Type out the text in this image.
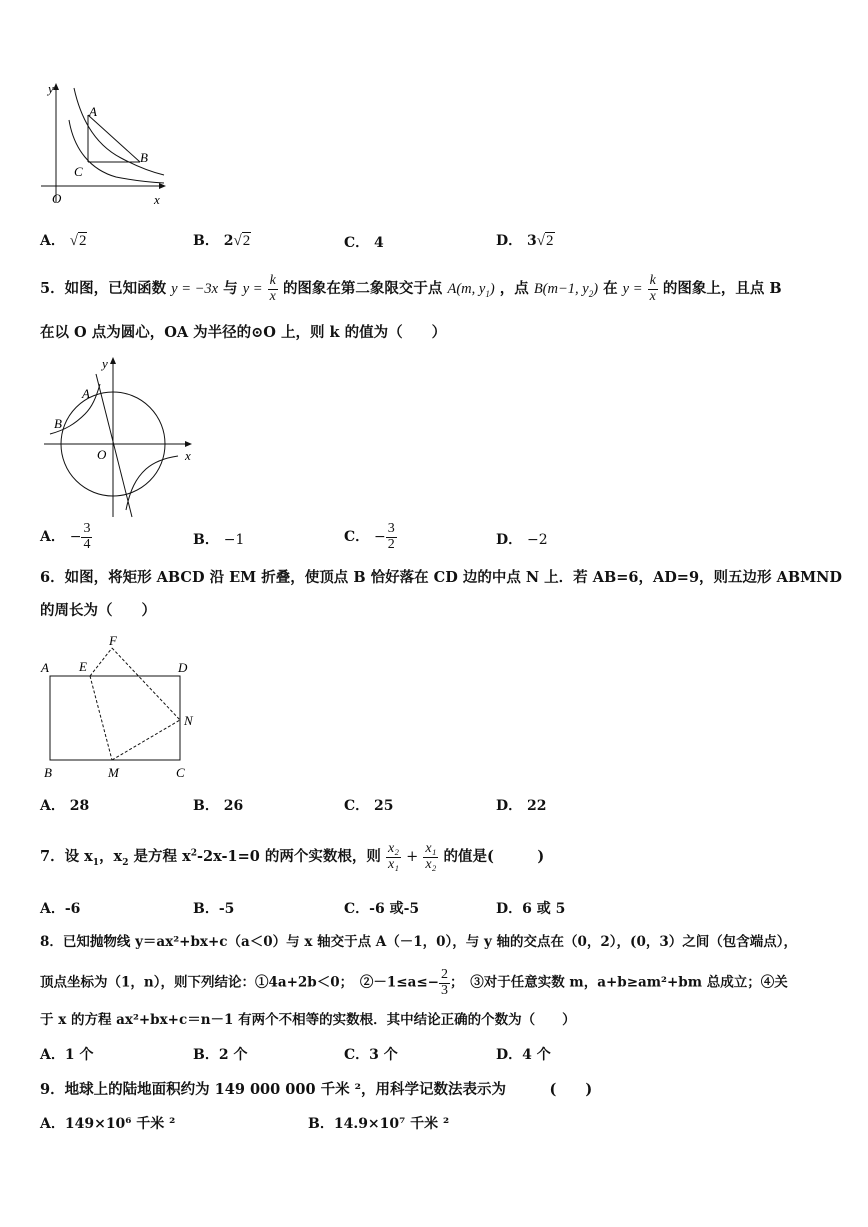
y
A
B
C
O	x
A． √2	B． 2√2	C． 4	D． 3√2
5．如图，已知函数 y = −3x 与 $y = \frac{k}{x}$ 的图象在第二象限交于点 A(m, $y_1$) ，点 B(m−1, $y_2$) 在 $y = \frac{k}{x}$ 的图象上，且点 B
在以 O 点为圆心，OA 为半径的⊙O 上，则 k 的值为（　　）
y
A
B
O	x
A． − $\frac{3}{4}$	B． −1	C． − $\frac{3}{2}$	D． −2
6．如图，将矩形 ABCD 沿 EM 折叠，使顶点 B 恰好落在 CD 边的中点 N 上．若 AB=6，AD=9，则五边形 ABMND
的周长为（　　）
F
A E	D
N
B	M	C
A． 28	B． 26	C． 25	D． 22
7．设 $x_1$，$x_2$ 是方程 $x^2-2x-1=0$ 的两个实数根，则 $\frac{\text{x₂}}{\text{x₁}} + \frac{\text{x₁}}{\text{x₂}}$ 的值是(　　　)
A．-6	B．-5	C．-6 或-5	D．6 或 5
8．已知抛物线 y＝ax²+bx+c（a＜0）与 x 轴交于点 A（－1，0），与 y 轴的交点在（0，2），(0，3）之间（包含端点），
顶点坐标为（1，n），则下列结论：①4a+2b＜0；　②－1≤a≤− $\frac{2}{3}$ ；　③对于任意实数 m，a+b≥am²+bm 总成立；④关
于 x 的方程 ax²+bx+c＝n－1 有两个不相等的实数根．其中结论正确的个数为（　　）
A．1 个	B．2 个	C．3 个	D．4 个
9．地球上的陆地面积约为 149 000 000 千米 ²，用科学记数法表示为　　　(　　)
A．149×10⁶ 千米 ²	B．14.9×10⁷ 千米 ²
